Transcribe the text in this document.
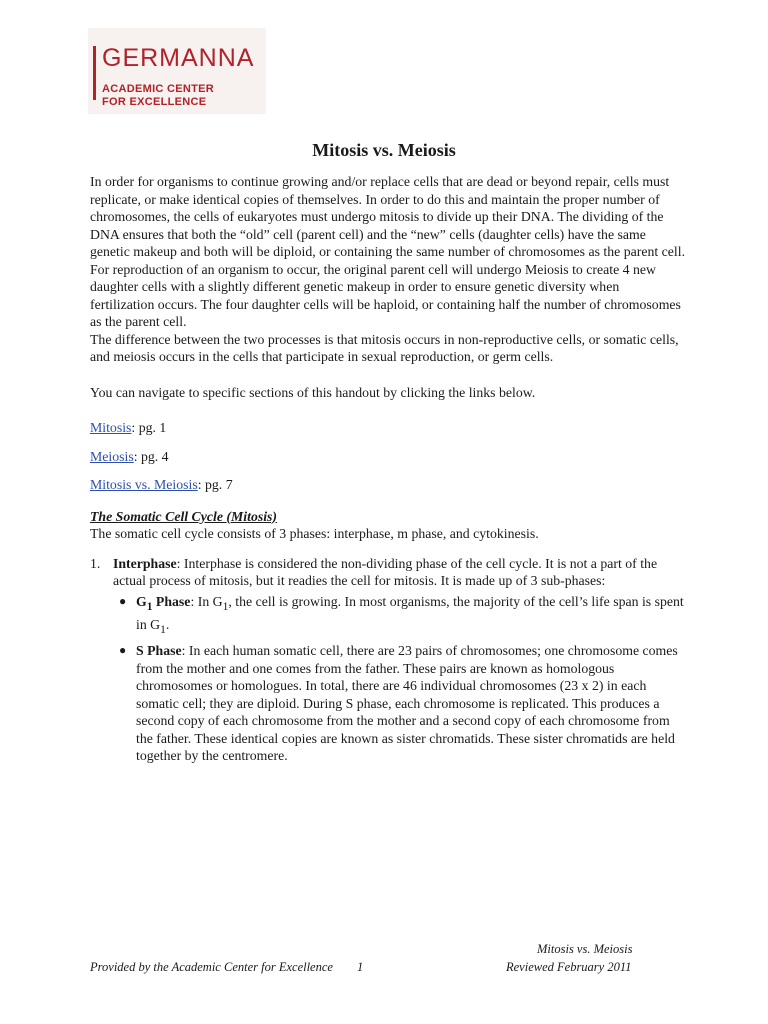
GERMANNA
ACADEMIC CENTER
FOR EXCELLENCE
Mitosis vs. Meiosis

In order for organisms to continue growing and/or replace cells that are dead or beyond repair, cells must replicate, or make identical copies of themselves. In order to do this and maintain the proper number of chromosomes, the cells of eukaryotes must undergo mitosis to divide up their DNA. The dividing of the DNA ensures that both the “old” cell (parent cell) and the “new” cells (daughter cells) have the same genetic makeup and both will be diploid, or containing the same number of chromosomes as the parent cell.

For reproduction of an organism to occur, the original parent cell will undergo Meiosis to create 4 new daughter cells with a slightly different genetic makeup in order to ensure genetic diversity when fertilization occurs. The four daughter cells will be haploid, or containing half the number of chromosomes as the parent cell.

The difference between the two processes is that mitosis occurs in non-reproductive cells, or somatic cells, and meiosis occurs in the cells that participate in sexual reproduction, or germ cells.

You can navigate to specific sections of this handout by clicking the links below.

Mitosis: pg. 1

Meiosis: pg. 4

Mitosis vs. Meiosis: pg. 7

The Somatic Cell Cycle (Mitosis)

The somatic cell cycle consists of 3 phases: interphase, m phase, and cytokinesis.

1. Interphase: Interphase is considered the non-dividing phase of the cell cycle. It is not a part of the actual process of mitosis, but it readies the cell for mitosis. It is made up of 3 sub-phases:
● $G_1$ Phase: In $G_1$, the cell is growing. In most organisms, the majority of the cell’s life span is spent in $G_1$.
● S Phase: In each human somatic cell, there are 23 pairs of chromosomes; one chromosome comes from the mother and one comes from the father. These pairs are known as homologous chromosomes or homologues. In total, there are 46 individual chromosomes (23 x 2) in each somatic cell; they are diploid. During S phase, each chromosome is replicated. This produces a second copy of each chromosome from the mother and a second copy of each chromosome from the father. These identical copies are known as sister chromatids. These sister chromatids are held together by the centromere.
Mitosis vs. Meiosis
Provided by the Academic Center for Excellence 1	Reviewed February 2011
